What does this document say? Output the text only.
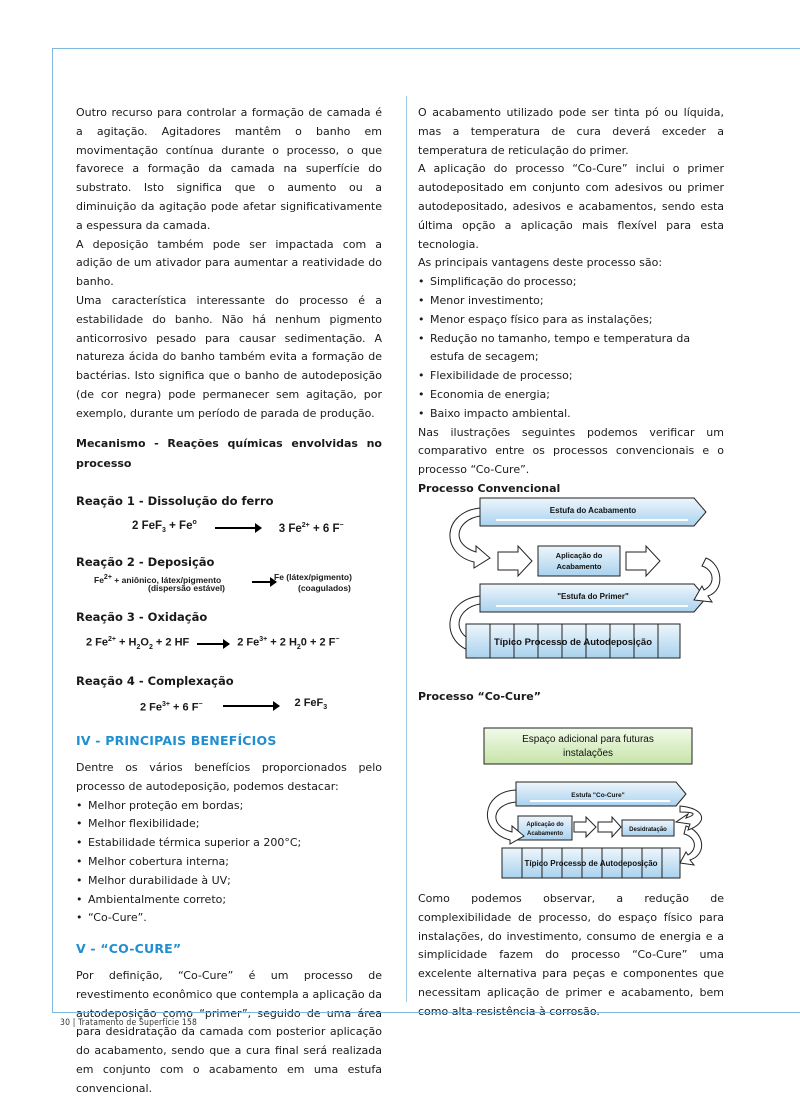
Outro recurso para controlar a formação de camada é a agitação. Agitadores mantêm o banho em movimentação contínua durante o processo, o que favorece a formação da camada na superfície do substrato. Isto significa que o aumento ou a diminuição da agitação pode afetar significativamente a espessura da camada.

A deposição também pode ser impactada com a adição de um ativador para aumentar a reatividade do banho.

Uma característica interessante do processo é a estabilidade do banho. Não há nenhum pigmento anticorrosivo pesado para causar sedimentação. A natureza ácida do banho também evita a formação de bactérias. Isto significa que o banho de autodeposição (de cor negra) pode permanecer sem agitação, por exemplo, durante um período de parada de produção.

Mecanismo - Reações químicas envolvidas no processo

Reação 1 - Dissolução do ferro
2 $FeF_3 + Fe^o$	3 $Fe^{2+} + 6$ F−
Reação 2 - Deposição
$Fe^{2+}$ + aniônico, látex/pigmento
(dispersão estável)
Fe (látex/pigmento)
(coagulados)
Reação 3 - Oxidação
2 $Fe^{2+} + H_2O_2 + 2$ HF → 2 $Fe^{3+} + 2$ $H_20 + 2$ F−
Reação 4 - Complexação
2 $Fe^{3+} + 6$ F−	2 FeF$_3$

IV - PRINCIPAIS BENEFÍCIOS

Dentre os vários benefícios proporcionados pelo processo de autodeposição, podemos destacar:

• Melhor proteção em bordas;
• Melhor flexibilidade;
• Estabilidade térmica superior a 200°C;
• Melhor cobertura interna;
• Melhor durabilidade à UV;
• Ambientalmente correto;
• “Co-Cure”.

V - “CO-CURE”

Por definição, “Co-Cure” é um processo de revestimento econômico que contempla a aplicação da autodeposição como “primer”, seguido de uma área para desidratação da camada com posterior aplicação do acabamento, sendo que a cura final será realizada em conjunto com o acabamento em uma estufa convencional.

O acabamento utilizado pode ser tinta pó ou líquida, mas a temperatura de cura deverá exceder a temperatura de reticulação do primer.

A aplicação do processo “Co-Cure” inclui o primer autodepositado em conjunto com adesivos ou primer autodepositado, adesivos e acabamentos, sendo esta última opção a aplicação mais flexível para esta tecnologia.

As principais vantagens deste processo são:

• Simplificação do processo;
• Menor investimento;
• Menor espaço físico para as instalações;
• Redução no tamanho, tempo e temperatura da estufa de secagem;
• Flexibilidade de processo;
• Economia de energia;
• Baixo impacto ambiental.

Nas ilustrações seguintes podemos verificar um comparativo entre os processos convencionais e o processo “Co-Cure”.

Processo Convencional

Estufa do Acabamento
Aplicação do
Acabamento
"Estufa do Primer"
Típico Processo de Autodeposição

Processo “Co-Cure”

Espaço adicional para futuras
instalações
Estufa "Co-Cure"
Aplicação do
Acabamento
Desidratação
Típico Processo de Autodeposição

Como podemos observar, a redução de complexibilidade de processo, do espaço físico para instalações, do investimento, consumo de energia e a simplicidade fazem do processo “Co-Cure” uma excelente alternativa para peças e componentes que necessitam aplicação de primer e acabamento, bem como alta resistência à corrosão.

30 | Tratamento de Superfície 158
